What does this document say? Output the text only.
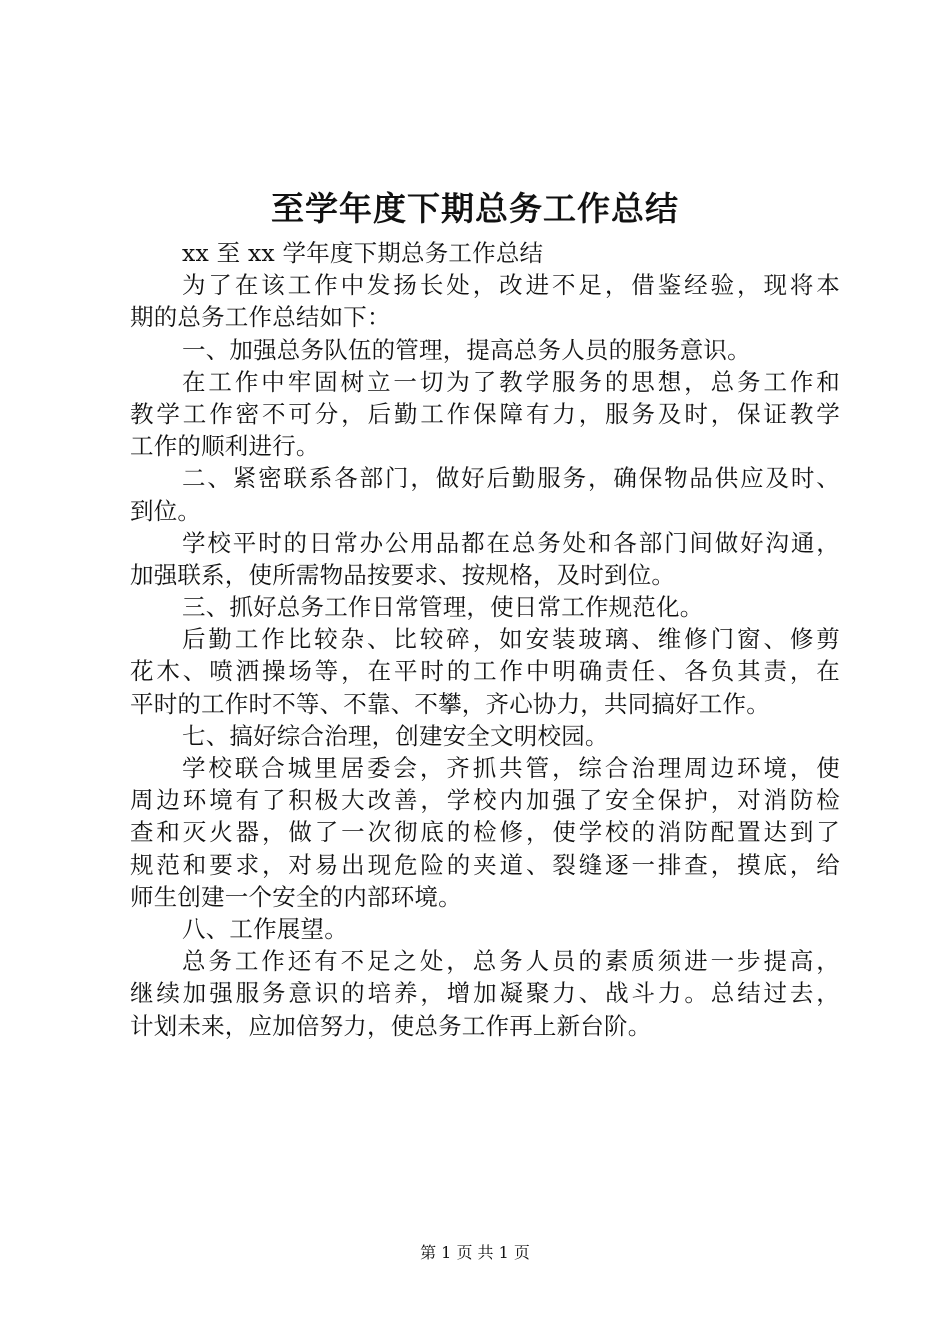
至学年度下期总务工作总结
xx 至 xx 学年度下期总务工作总结
为了在该工作中发扬长处，改进不足，借鉴经验，现将本
期的总务工作总结如下：
一、加强总务队伍的管理，提高总务人员的服务意识。
在工作中牢固树立一切为了教学服务的思想，总务工作和
教学工作密不可分，后勤工作保障有力，服务及时，保证教学
工作的顺利进行。
二、紧密联系各部门，做好后勤服务，确保物品供应及时、
到位。
学校平时的日常办公用品都在总务处和各部门间做好沟通，
加强联系，使所需物品按要求、按规格，及时到位。
三、抓好总务工作日常管理，使日常工作规范化。
后勤工作比较杂、比较碎，如安装玻璃、维修门窗、修剪
花木、喷洒操场等，在平时的工作中明确责任、各负其责，在
平时的工作时不等、不靠、不攀，齐心协力，共同搞好工作。
七、搞好综合治理，创建安全文明校园。
学校联合城里居委会，齐抓共管，综合治理周边环境，使
周边环境有了积极大改善，学校内加强了安全保护，对消防检
查和灭火器，做了一次彻底的检修，使学校的消防配置达到了
规范和要求，对易出现危险的夹道、裂缝逐一排查，摸底，给
师生创建一个安全的内部环境。
八、工作展望。
总务工作还有不足之处，总务人员的素质须进一步提高，
继续加强服务意识的培养，增加凝聚力、战斗力。总结过去，
计划未来，应加倍努力，使总务工作再上新台阶。
第 1 页 共 1 页
